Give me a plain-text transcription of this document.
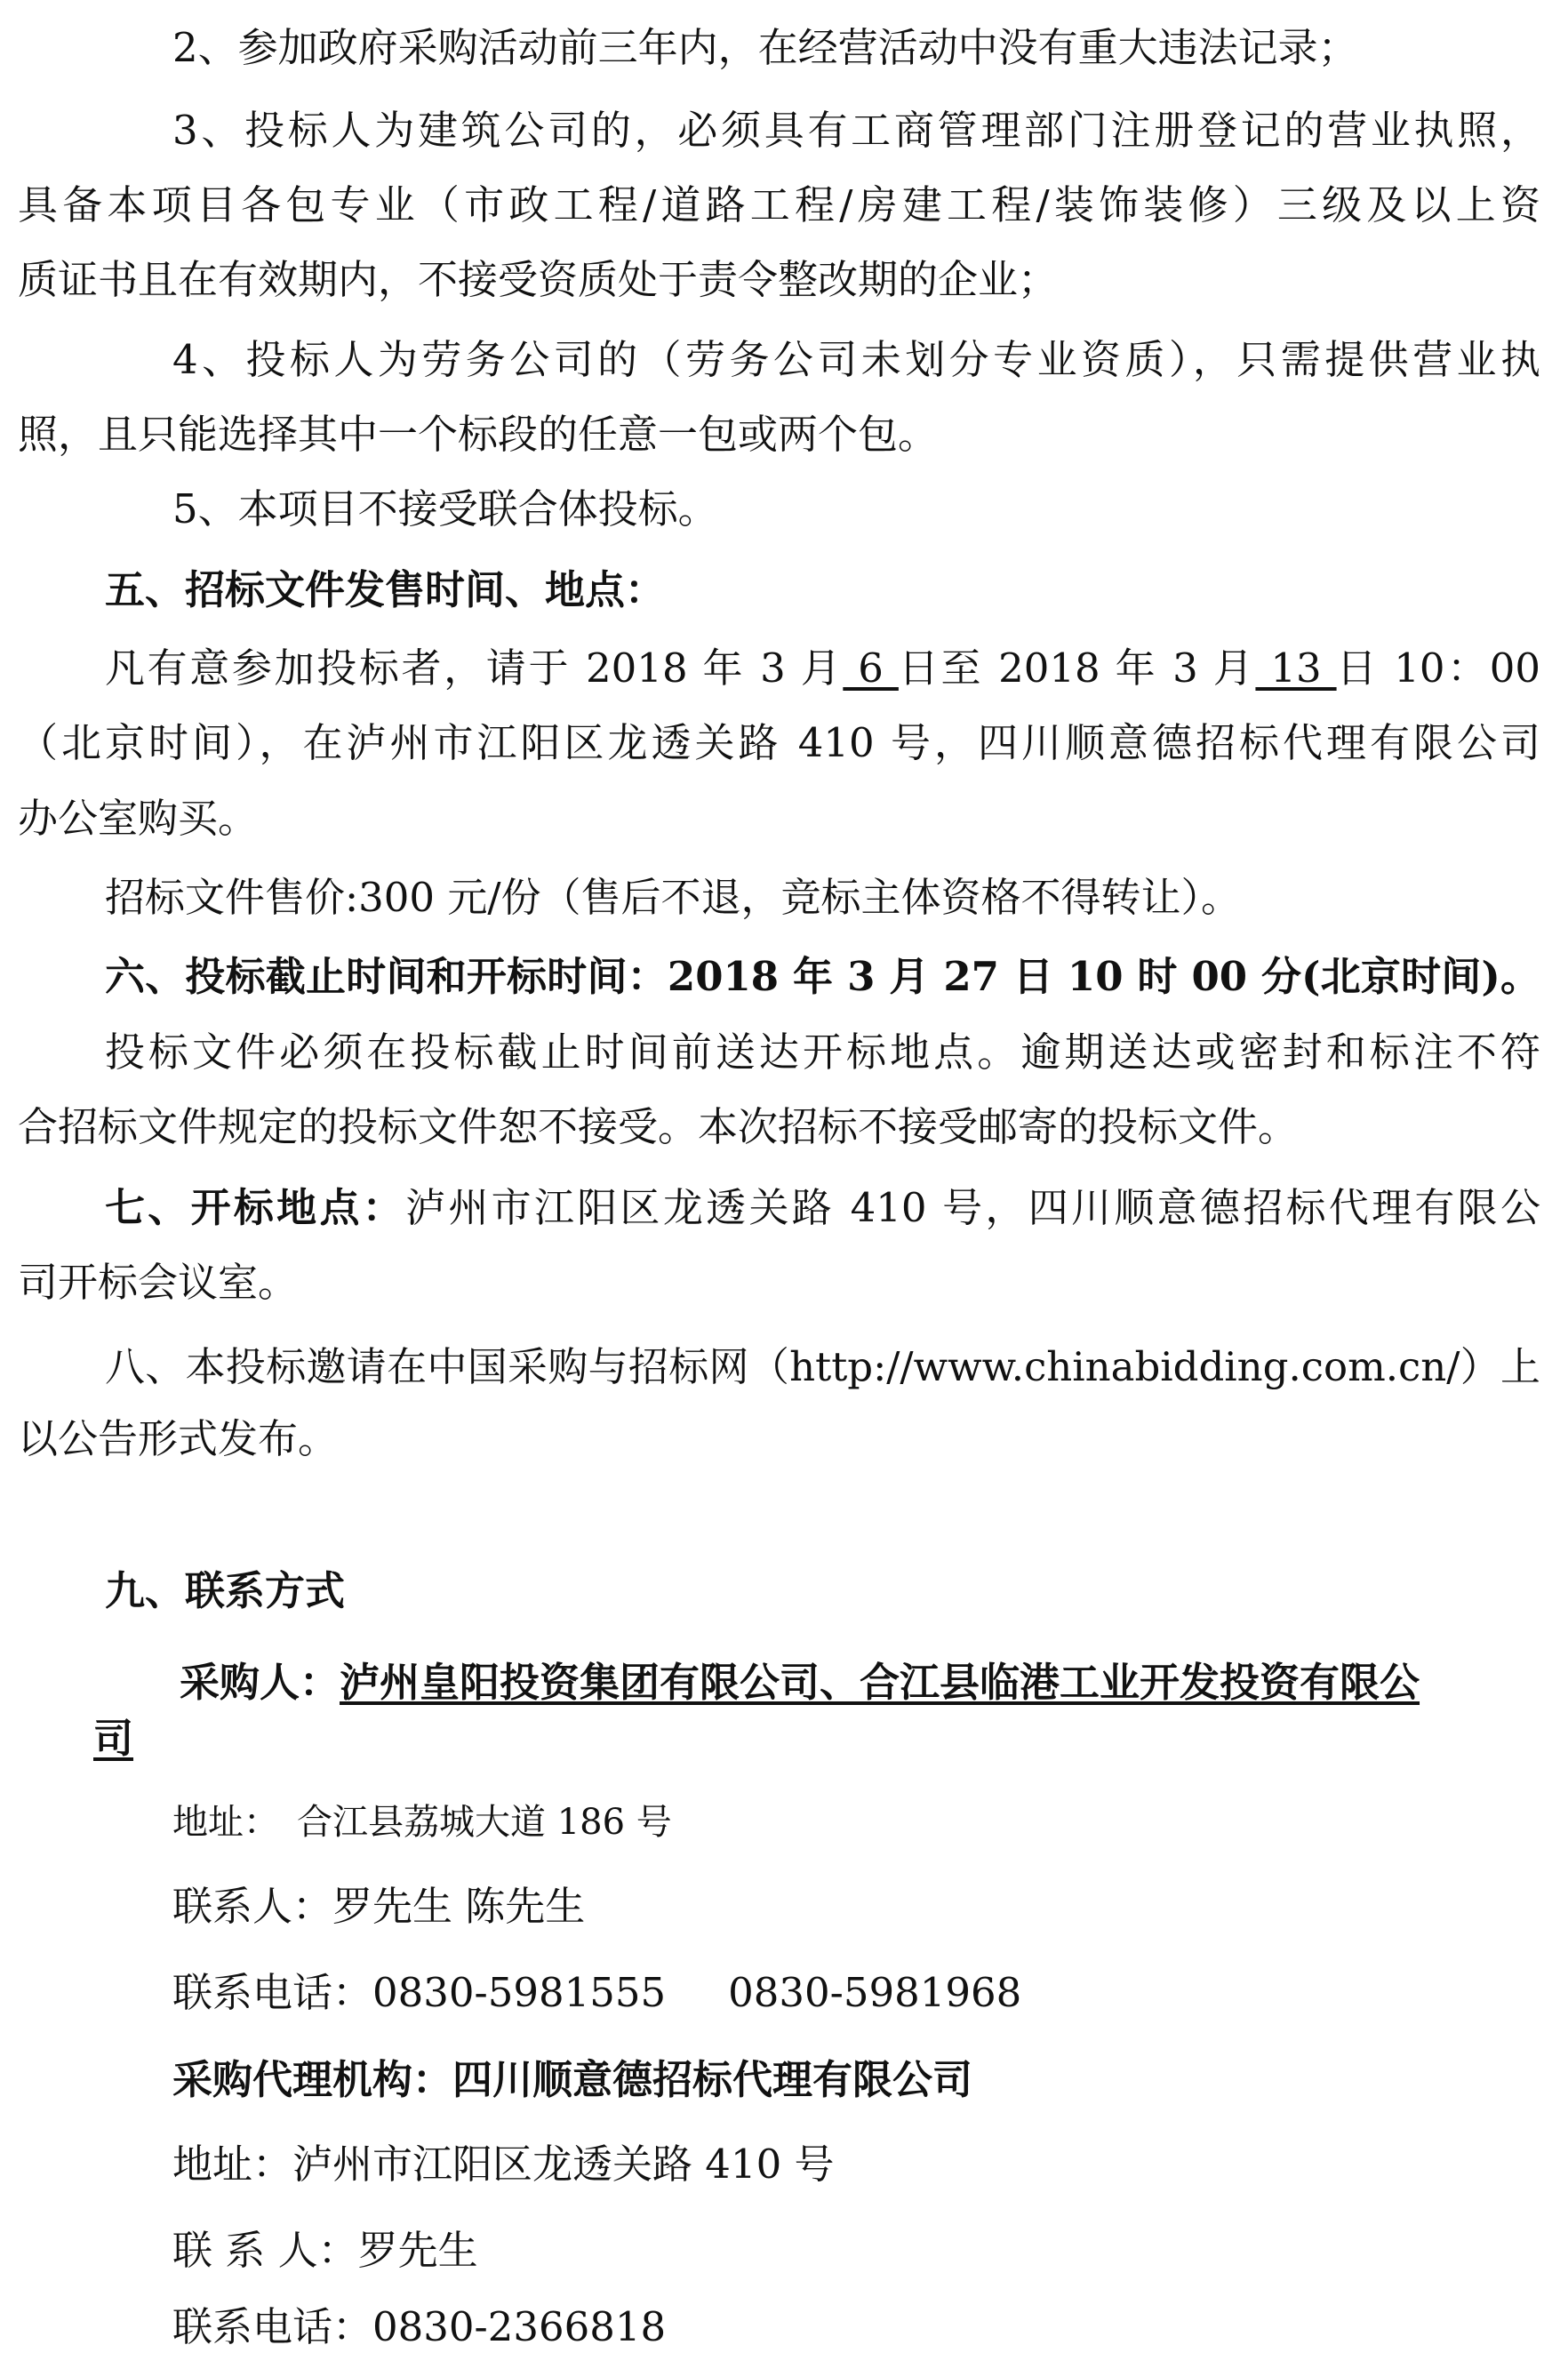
2、参加政府采购活动前三年内，在经营活动中没有重大违法记录；
3、投标人为建筑公司的，必须具有工商管理部门注册登记的营业执照，
具备本项目各包专业（市政工程/道路工程/房建工程/装饰装修）三级及以上资
质证书且在有效期内，不接受资质处于责令整改期的企业；
4、投标人为劳务公司的（劳务公司未划分专业资质），只需提供营业执
照，且只能选择其中一个标段的任意一包或两个包。
5、本项目不接受联合体投标。
五、招标文件发售时间、地点：
凡有意参加投标者，请于 2018 年 3 月 6 日至 2018 年 3 月 13 日 10：00
（北京时间），在泸州市江阳区龙透关路 410 号，四川顺意德招标代理有限公司
办公室购买。
招标文件售价:300 元/份（售后不退，竞标主体资格不得转让）。
六、投标截止时间和开标时间：2018 年 3 月 27 日 10 时 00 分(北京时间)。
投标文件必须在投标截止时间前送达开标地点。逾期送达或密封和标注不符
合招标文件规定的投标文件恕不接受。本次招标不接受邮寄的投标文件。
七、开标地点：泸州市江阳区龙透关路 410 号，四川顺意德招标代理有限公
司开标会议室。
八、本投标邀请在中国采购与招标网（http://www.chinabidding.com.cn/）上
以公告形式发布。
九、联系方式
采购人：泸州皇阳投资集团有限公司、合江县临港工业开发投资有限公
司
地址：　合江县荔城大道 186 号
联系人：罗先生 陈先生
联系电话：0830-5981555 0830-5981968
采购代理机构：四川顺意德招标代理有限公司
地址：泸州市江阳区龙透关路 410 号
联 系 人：罗先生
联系电话：0830-2366818
